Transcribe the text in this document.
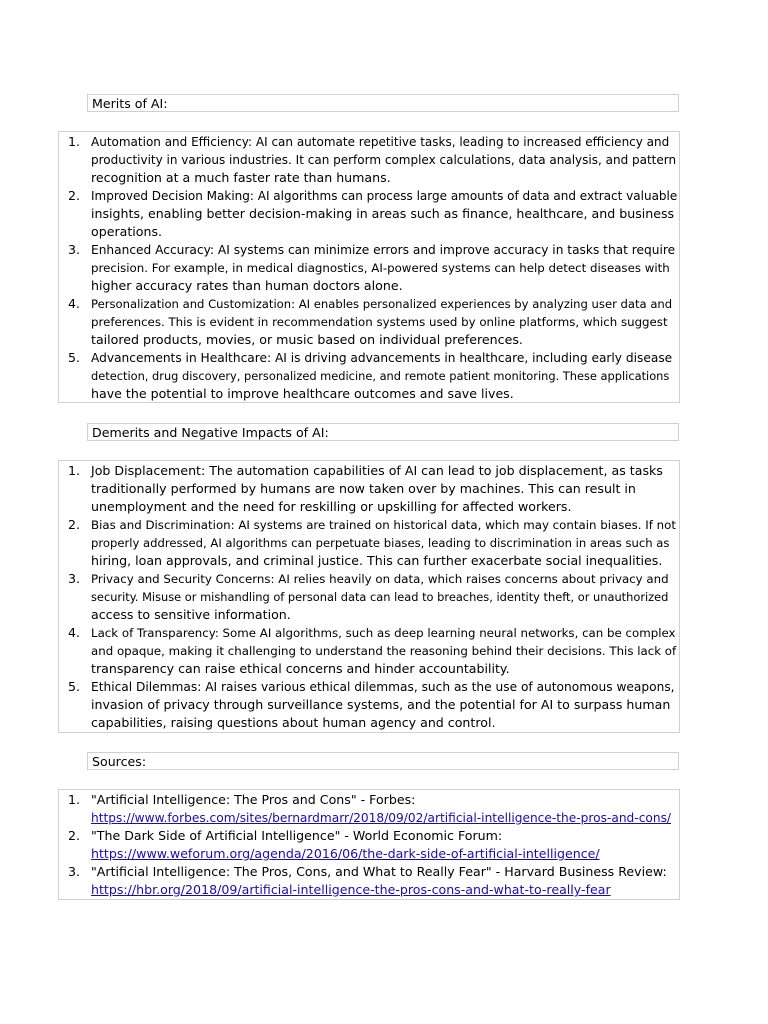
Merits of AI:
1. Automation and Efficiency: AI can automate repetitive tasks, leading to increased efficiency and
productivity in various industries. It can perform complex calculations, data analysis, and pattern
recognition at a much faster rate than humans.
2. Improved Decision Making: AI algorithms can process large amounts of data and extract valuable
insights, enabling better decision-making in areas such as finance, healthcare, and business
operations.
3. Enhanced Accuracy: AI systems can minimize errors and improve accuracy in tasks that require
precision. For example, in medical diagnostics, AI-powered systems can help detect diseases with
higher accuracy rates than human doctors alone.
4. Personalization and Customization: AI enables personalized experiences by analyzing user data and
preferences. This is evident in recommendation systems used by online platforms, which suggest
tailored products, movies, or music based on individual preferences.
5. Advancements in Healthcare: AI is driving advancements in healthcare, including early disease
detection, drug discovery, personalized medicine, and remote patient monitoring. These applications
have the potential to improve healthcare outcomes and save lives.
Demerits and Negative Impacts of AI:
1. Job Displacement: The automation capabilities of AI can lead to job displacement, as tasks
traditionally performed by humans are now taken over by machines. This can result in
unemployment and the need for reskilling or upskilling for affected workers.
2. Bias and Discrimination: AI systems are trained on historical data, which may contain biases. If not
properly addressed, AI algorithms can perpetuate biases, leading to discrimination in areas such as
hiring, loan approvals, and criminal justice. This can further exacerbate social inequalities.
3. Privacy and Security Concerns: AI relies heavily on data, which raises concerns about privacy and
security. Misuse or mishandling of personal data can lead to breaches, identity theft, or unauthorized
access to sensitive information.
4. Lack of Transparency: Some AI algorithms, such as deep learning neural networks, can be complex
and opaque, making it challenging to understand the reasoning behind their decisions. This lack of
transparency can raise ethical concerns and hinder accountability.
5. Ethical Dilemmas: AI raises various ethical dilemmas, such as the use of autonomous weapons,
invasion of privacy through surveillance systems, and the potential for AI to surpass human
capabilities, raising questions about human agency and control.
Sources:
1. "Artificial Intelligence: The Pros and Cons" - Forbes:
https://www.forbes.com/sites/bernardmarr/2018/09/02/artificial-intelligence-the-pros-and-cons/
2. "The Dark Side of Artificial Intelligence" - World Economic Forum:
https://www.weforum.org/agenda/2016/06/the-dark-side-of-artificial-intelligence/
3. "Artificial Intelligence: The Pros, Cons, and What to Really Fear" - Harvard Business Review:
https://hbr.org/2018/09/artificial-intelligence-the-pros-cons-and-what-to-really-fear
